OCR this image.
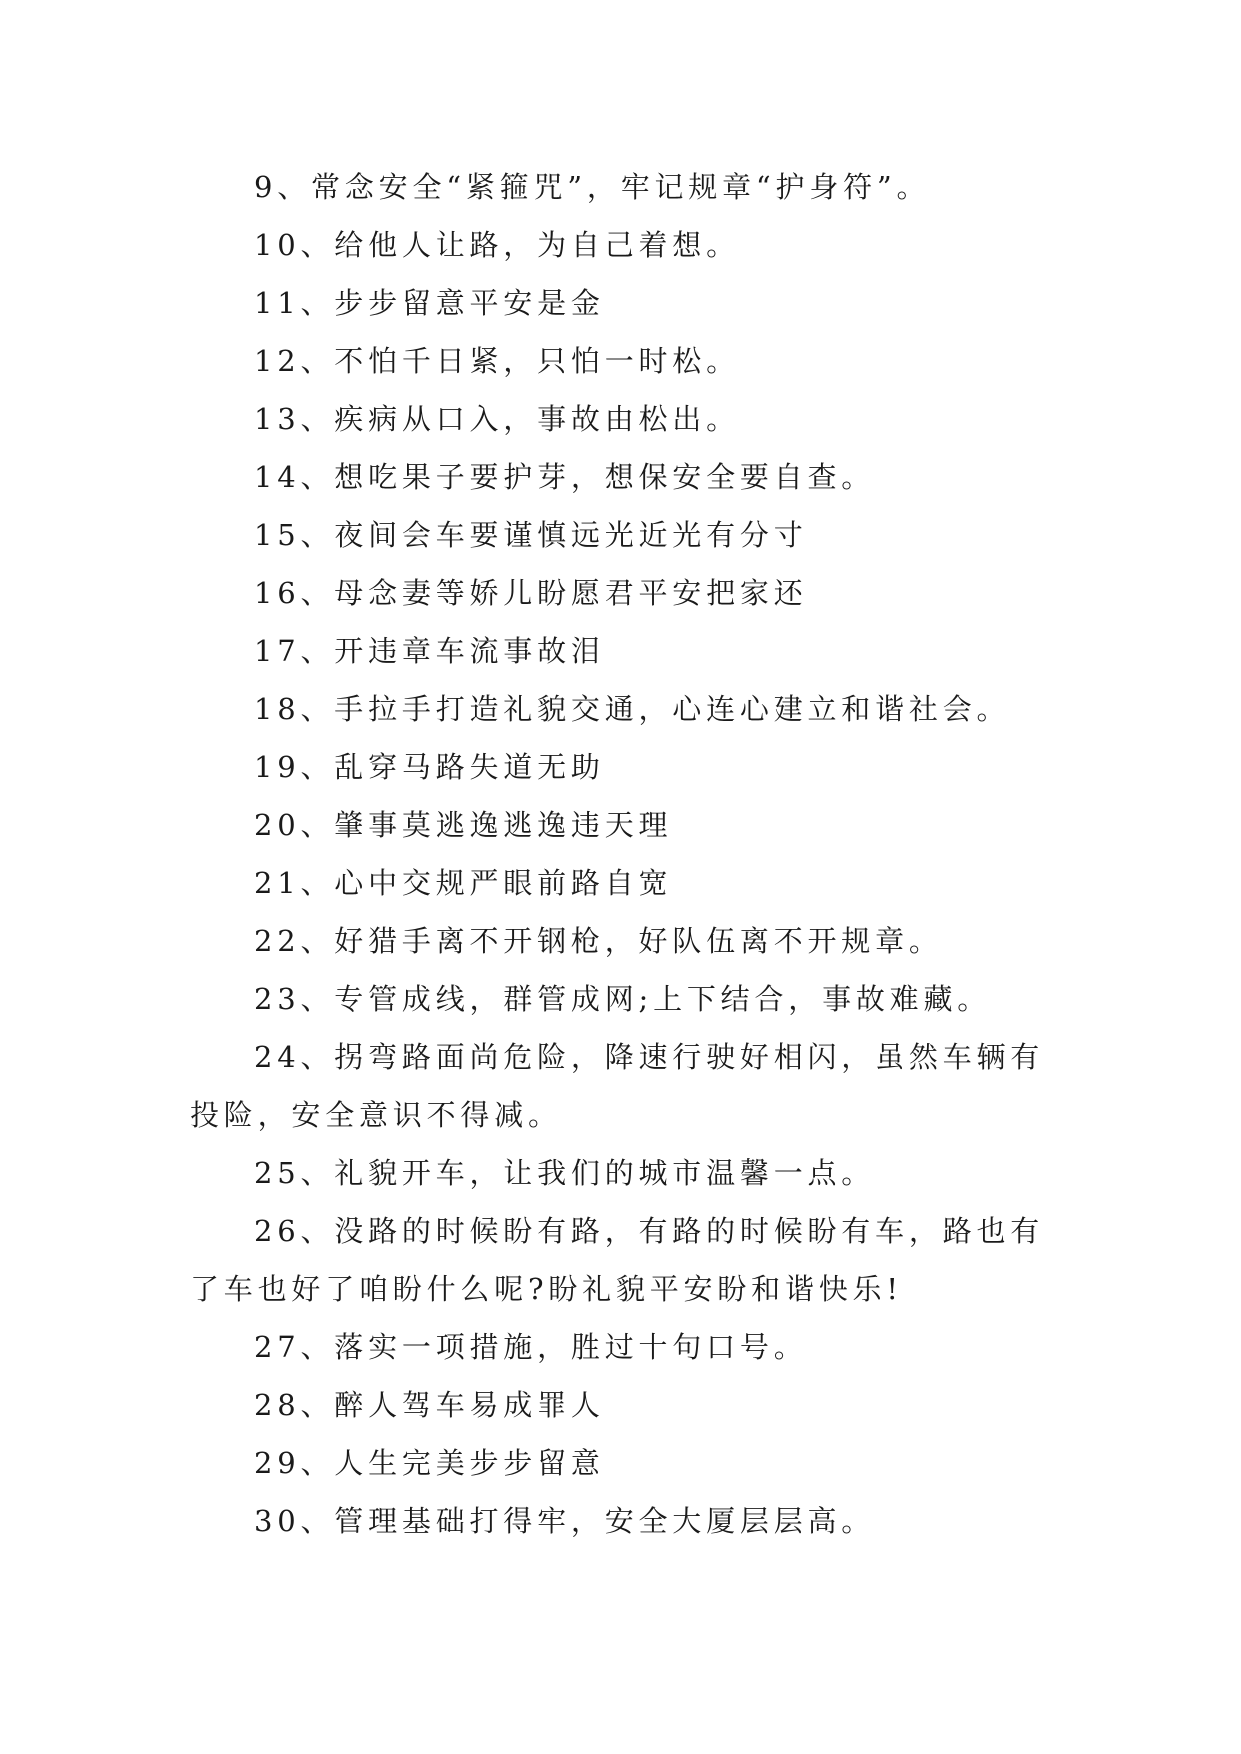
9、常念安全“紧箍咒”，牢记规章“护身符”。

10、给他人让路，为自己着想。

11、步步留意平安是金

12、不怕千日紧，只怕一时松。

13、疾病从口入，事故由松出。

14、想吃果子要护芽，想保安全要自查。

15、夜间会车要谨慎远光近光有分寸

16、母念妻等娇儿盼愿君平安把家还

17、开违章车流事故泪

18、手拉手打造礼貌交通，心连心建立和谐社会。

19、乱穿马路失道无助

20、肇事莫逃逸逃逸违天理

21、心中交规严眼前路自宽

22、好猎手离不开钢枪，好队伍离不开规章。

23、专管成线，群管成网;上下结合，事故难藏。

24、拐弯路面尚危险，降速行驶好相闪，虽然车辆有投险，安全意识不得减。

25、礼貌开车，让我们的城市温馨一点。

26、没路的时候盼有路，有路的时候盼有车，路也有了车也好了咱盼什么呢?盼礼貌平安盼和谐快乐!

27、落实一项措施，胜过十句口号。

28、醉人驾车易成罪人

29、人生完美步步留意

30、管理基础打得牢，安全大厦层层高。
